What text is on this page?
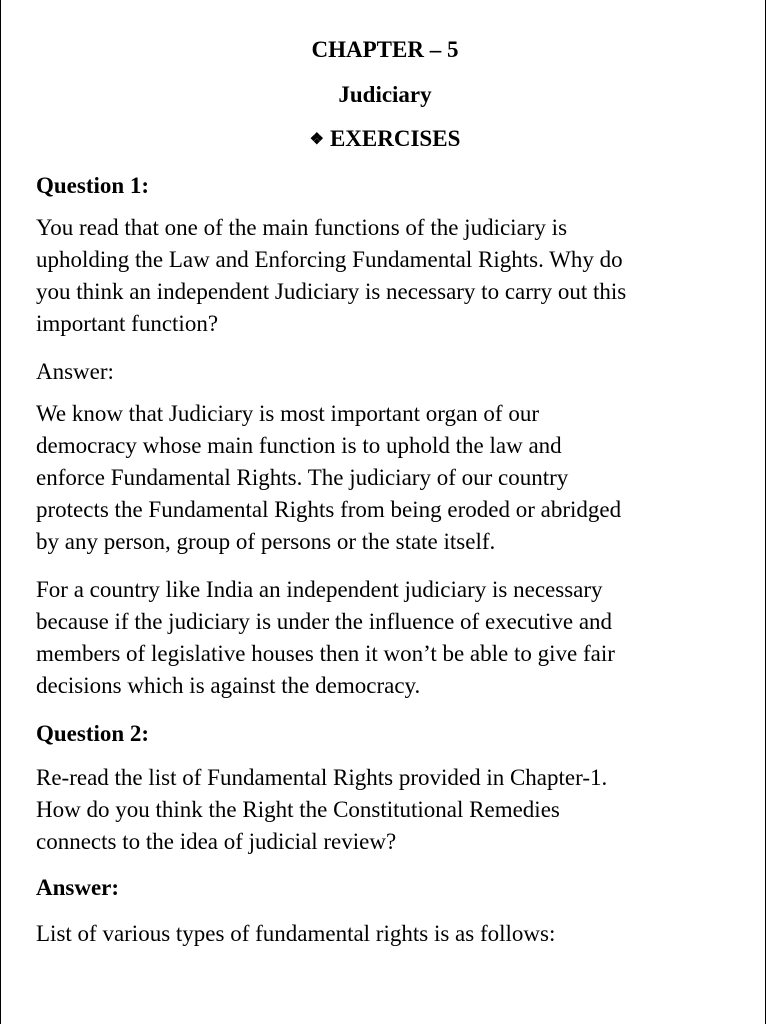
CHAPTER – 5

Judiciary

❖ EXERCISES

Question 1:

You read that one of the main functions of the judiciary is
upholding the Law and Enforcing Fundamental Rights. Why do
you think an independent Judiciary is necessary to carry out this
important function?

Answer:

We know that Judiciary is most important organ of our
democracy whose main function is to uphold the law and
enforce Fundamental Rights. The judiciary of our country
protects the Fundamental Rights from being eroded or abridged
by any person, group of persons or the state itself.
For a country like India an independent judiciary is necessary
because if the judiciary is under the influence of executive and
members of legislative houses then it won’t be able to give fair
decisions which is against the democracy.

Question 2:

Re-read the list of Fundamental Rights provided in Chapter-1.
How do you think the Right the Constitutional Remedies
connects to the idea of judicial review?

Answer:

List of various types of fundamental rights is as follows:
